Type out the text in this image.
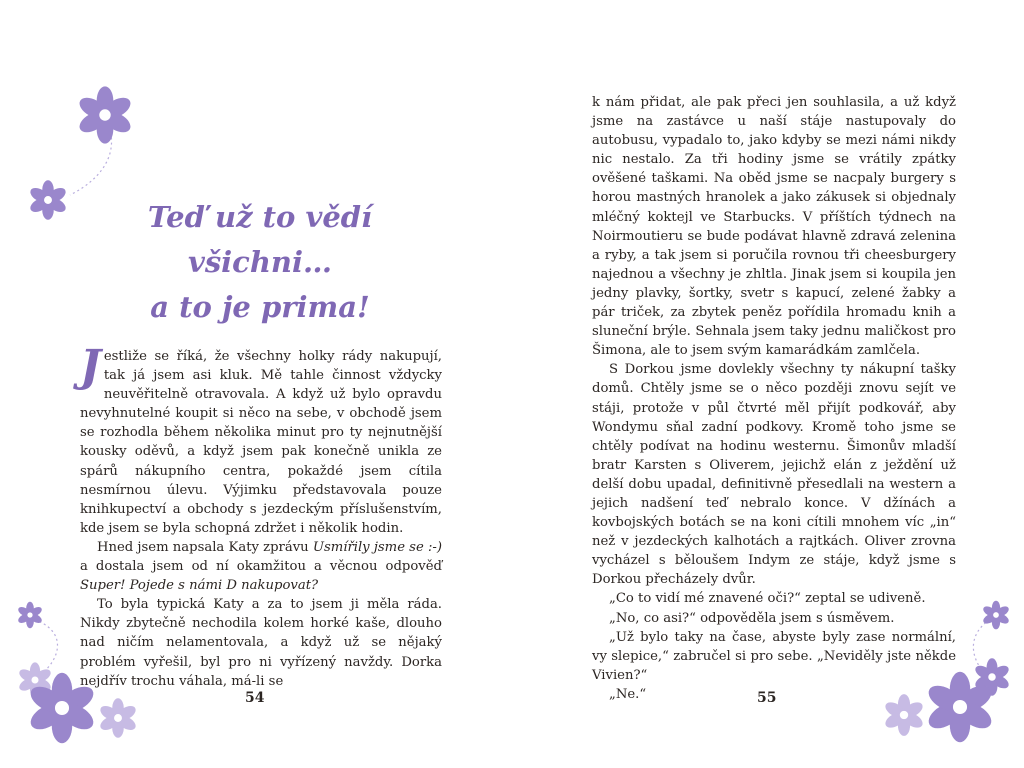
Teď už to vědí všichni…
a to je prima!

Jestliže se říká, že všechny holky rády nakupují, tak já jsem asi kluk. Mě tahle činnost vždycky neuvěřitelně otravovala. A když už bylo opravdu nevyhnutelné koupit si něco na sebe, v obchodě jsem se rozhodla během několika minut pro ty nejnutnější kousky oděvů, a když jsem pak konečně unikla ze spárů nákupního centra, pokaždé jsem cítila nesmírnou úlevu. Výjimku představovala pouze knihkupectví a obchody s jezdeckým příslušenstvím, kde jsem se byla schopná zdržet i několik hodin.

Hned jsem napsala Katy zprávu Usmířily jsme se :-) a dostala jsem od ní okamžitou a věcnou odpověď Super! Pojede s námi D nakupovat?

To byla typická Katy a za to jsem ji měla ráda. Nikdy zbytečně nechodila kolem horké kaše, dlouho nad ničím nelamentovala, a když už se nějaký problém vyřešil, byl pro ni vyřízený navždy. Dorka nejdřív trochu váhala, má-li se

54

k nám přidat, ale pak přeci jen souhlasila, a už když jsme na zastávce u naší stáje nastupovaly do autobusu, vypadalo to, jako kdyby se mezi námi nikdy nic nestalo. Za tři hodiny jsme se vrátily zpátky ověšené taškami. Na oběd jsme se nacpaly burgery s horou mastných hranolek a jako zákusek si objednaly mléčný koktejl ve Starbucks. V příštích týdnech na Noirmoutieru se bude podávat hlavně zdravá zelenina a ryby, a tak jsem si poručila rovnou tři cheesburgery najednou a všechny je zhltla. Jinak jsem si koupila jen jedny plavky, šortky, svetr s kapucí, zelené žabky a pár triček, za zbytek peněz pořídila hromadu knih a sluneční brýle. Sehnala jsem taky jednu maličkost pro Šimona, ale to jsem svým kamarádkám zamlčela.

S Dorkou jsme dovlekly všechny ty nákupní tašky domů. Chtěly jsme se o něco později znovu sejít ve stáji, protože v půl čtvrté měl přijít podkovář, aby Wondymu sňal zadní podkovy. Kromě toho jsme se chtěly podívat na hodinu westernu. Šimonův mladší bratr Karsten s Oliverem, jejichž elán z ježdění už delší dobu upadal, definitivně přesedlali na western a jejich nadšení teď nebralo konce. V džínách a kovbojských botách se na koni cítili mnohem víc „in“ než v jezdeckých kalhotách a rajtkách. Oliver zrovna vycházel s běloušem Indym ze stáje, když jsme s Dorkou přecházely dvůr.

„Co to vidí mé znavené oči?“ zeptal se udiveně.

„No, co asi?“ odpověděla jsem s úsměvem.

„Už bylo taky na čase, abyste byly zase normální, vy slepice,“ zabručel si pro sebe. „Neviděly jste někde Vivien?“

„Ne.“	55
